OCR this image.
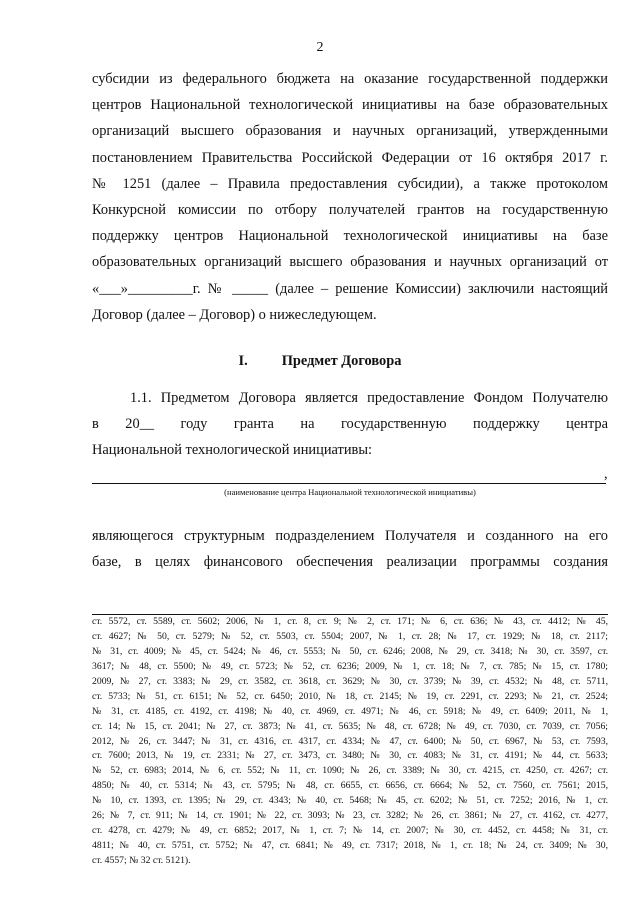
2
субсидии из федерального бюджета на оказание государственной поддержки
центров Национальной технологической инициативы на базе образовательных
организаций высшего образования и научных организаций, утвержденными
постановлением Правительства Российской Федерации от 16 октября 2017 г.
№ 1251 (далее – Правила предоставления субсидии), а также протоколом
Конкурсной комиссии по отбору получателей грантов на государственную
поддержку центров Национальной технологической инициативы на базе
образовательных организаций высшего образования и научных организаций от
«___»_________г. № _____ (далее – решение Комиссии) заключили настоящий
Договор (далее – Договор) о нижеследующем.
I. Предмет Договора
1.1. Предметом Договора является предоставление Фондом Получателю
в 20__ году гранта на государственную поддержку центра
Национальной технологической инициативы:
,
(наименование центра Национальной технологической инициативы)
являющегося структурным подразделением Получателя и созданного на его
базе, в целях финансового обеспечения реализации программы создания
ст. 5572, ст. 5589, ст. 5602; 2006, № 1, ст. 8, ст. 9; № 2, ст. 171; № 6, ст. 636; № 43, ст. 4412; № 45,
ст. 4627; № 50, ст. 5279; № 52, ст. 5503, ст. 5504; 2007, № 1, ст. 28; № 17, ст. 1929; № 18, ст. 2117;
№ 31, ст. 4009; № 45, ст. 5424; № 46, ст. 5553; № 50, ст. 6246; 2008, № 29, ст. 3418; № 30, ст. 3597, ст.
3617; № 48, ст. 5500; № 49, ст. 5723; № 52, ст. 6236; 2009, № 1, ст. 18; № 7, ст. 785; № 15, ст. 1780;
2009, № 27, ст. 3383; № 29, ст. 3582, ст. 3618, ст. 3629; № 30, ст. 3739; № 39, ст. 4532; № 48, ст. 5711,
ст. 5733; № 51, ст. 6151; № 52, ст. 6450; 2010, № 18, ст. 2145; № 19, ст. 2291, ст. 2293; № 21, ст. 2524;
№ 31, ст. 4185, ст. 4192, ст. 4198; № 40, ст. 4969, ст. 4971; № 46, ст. 5918; № 49, ст. 6409; 2011, № 1,
ст. 14; № 15, ст. 2041; № 27, ст. 3873; № 41, ст. 5635; № 48, ст. 6728; № 49, ст. 7030, ст. 7039, ст. 7056;
2012, № 26, ст. 3447; № 31, ст. 4316, ст. 4317, ст. 4334; № 47, ст. 6400; № 50, ст. 6967, № 53, ст. 7593,
ст. 7600; 2013, № 19, ст. 2331; № 27, ст. 3473, ст. 3480; № 30, ст. 4083; № 31, ст. 4191; № 44, ст. 5633;
№ 52, ст. 6983; 2014, № 6, ст. 552; № 11, ст. 1090; № 26, ст. 3389; № 30, ст. 4215, ст. 4250, ст. 4267; ст.
4850; № 40, ст. 5314; № 43, ст. 5795; № 48, ст. 6655, ст. 6656, ст. 6664; № 52, ст. 7560, ст. 7561; 2015,
№ 10, ст. 1393, ст. 1395; № 29, ст. 4343; № 40, ст. 5468; № 45, ст. 6202; № 51, ст. 7252; 2016, № 1, ст.
26; № 7, ст. 911; № 14, ст. 1901; № 22, ст. 3093; № 23, ст. 3282; № 26, ст. 3861; № 27, ст. 4162, ст. 4277,
ст. 4278, ст. 4279; № 49, ст. 6852; 2017, № 1, ст. 7; № 14, ст. 2007; № 30, ст. 4452, ст. 4458; № 31, ст.
4811; № 40, ст. 5751, ст. 5752; № 47, ст. 6841; № 49, ст. 7317; 2018, № 1, ст. 18; № 24, ст. 3409; № 30,
ст. 4557; № 32 ст. 5121).
